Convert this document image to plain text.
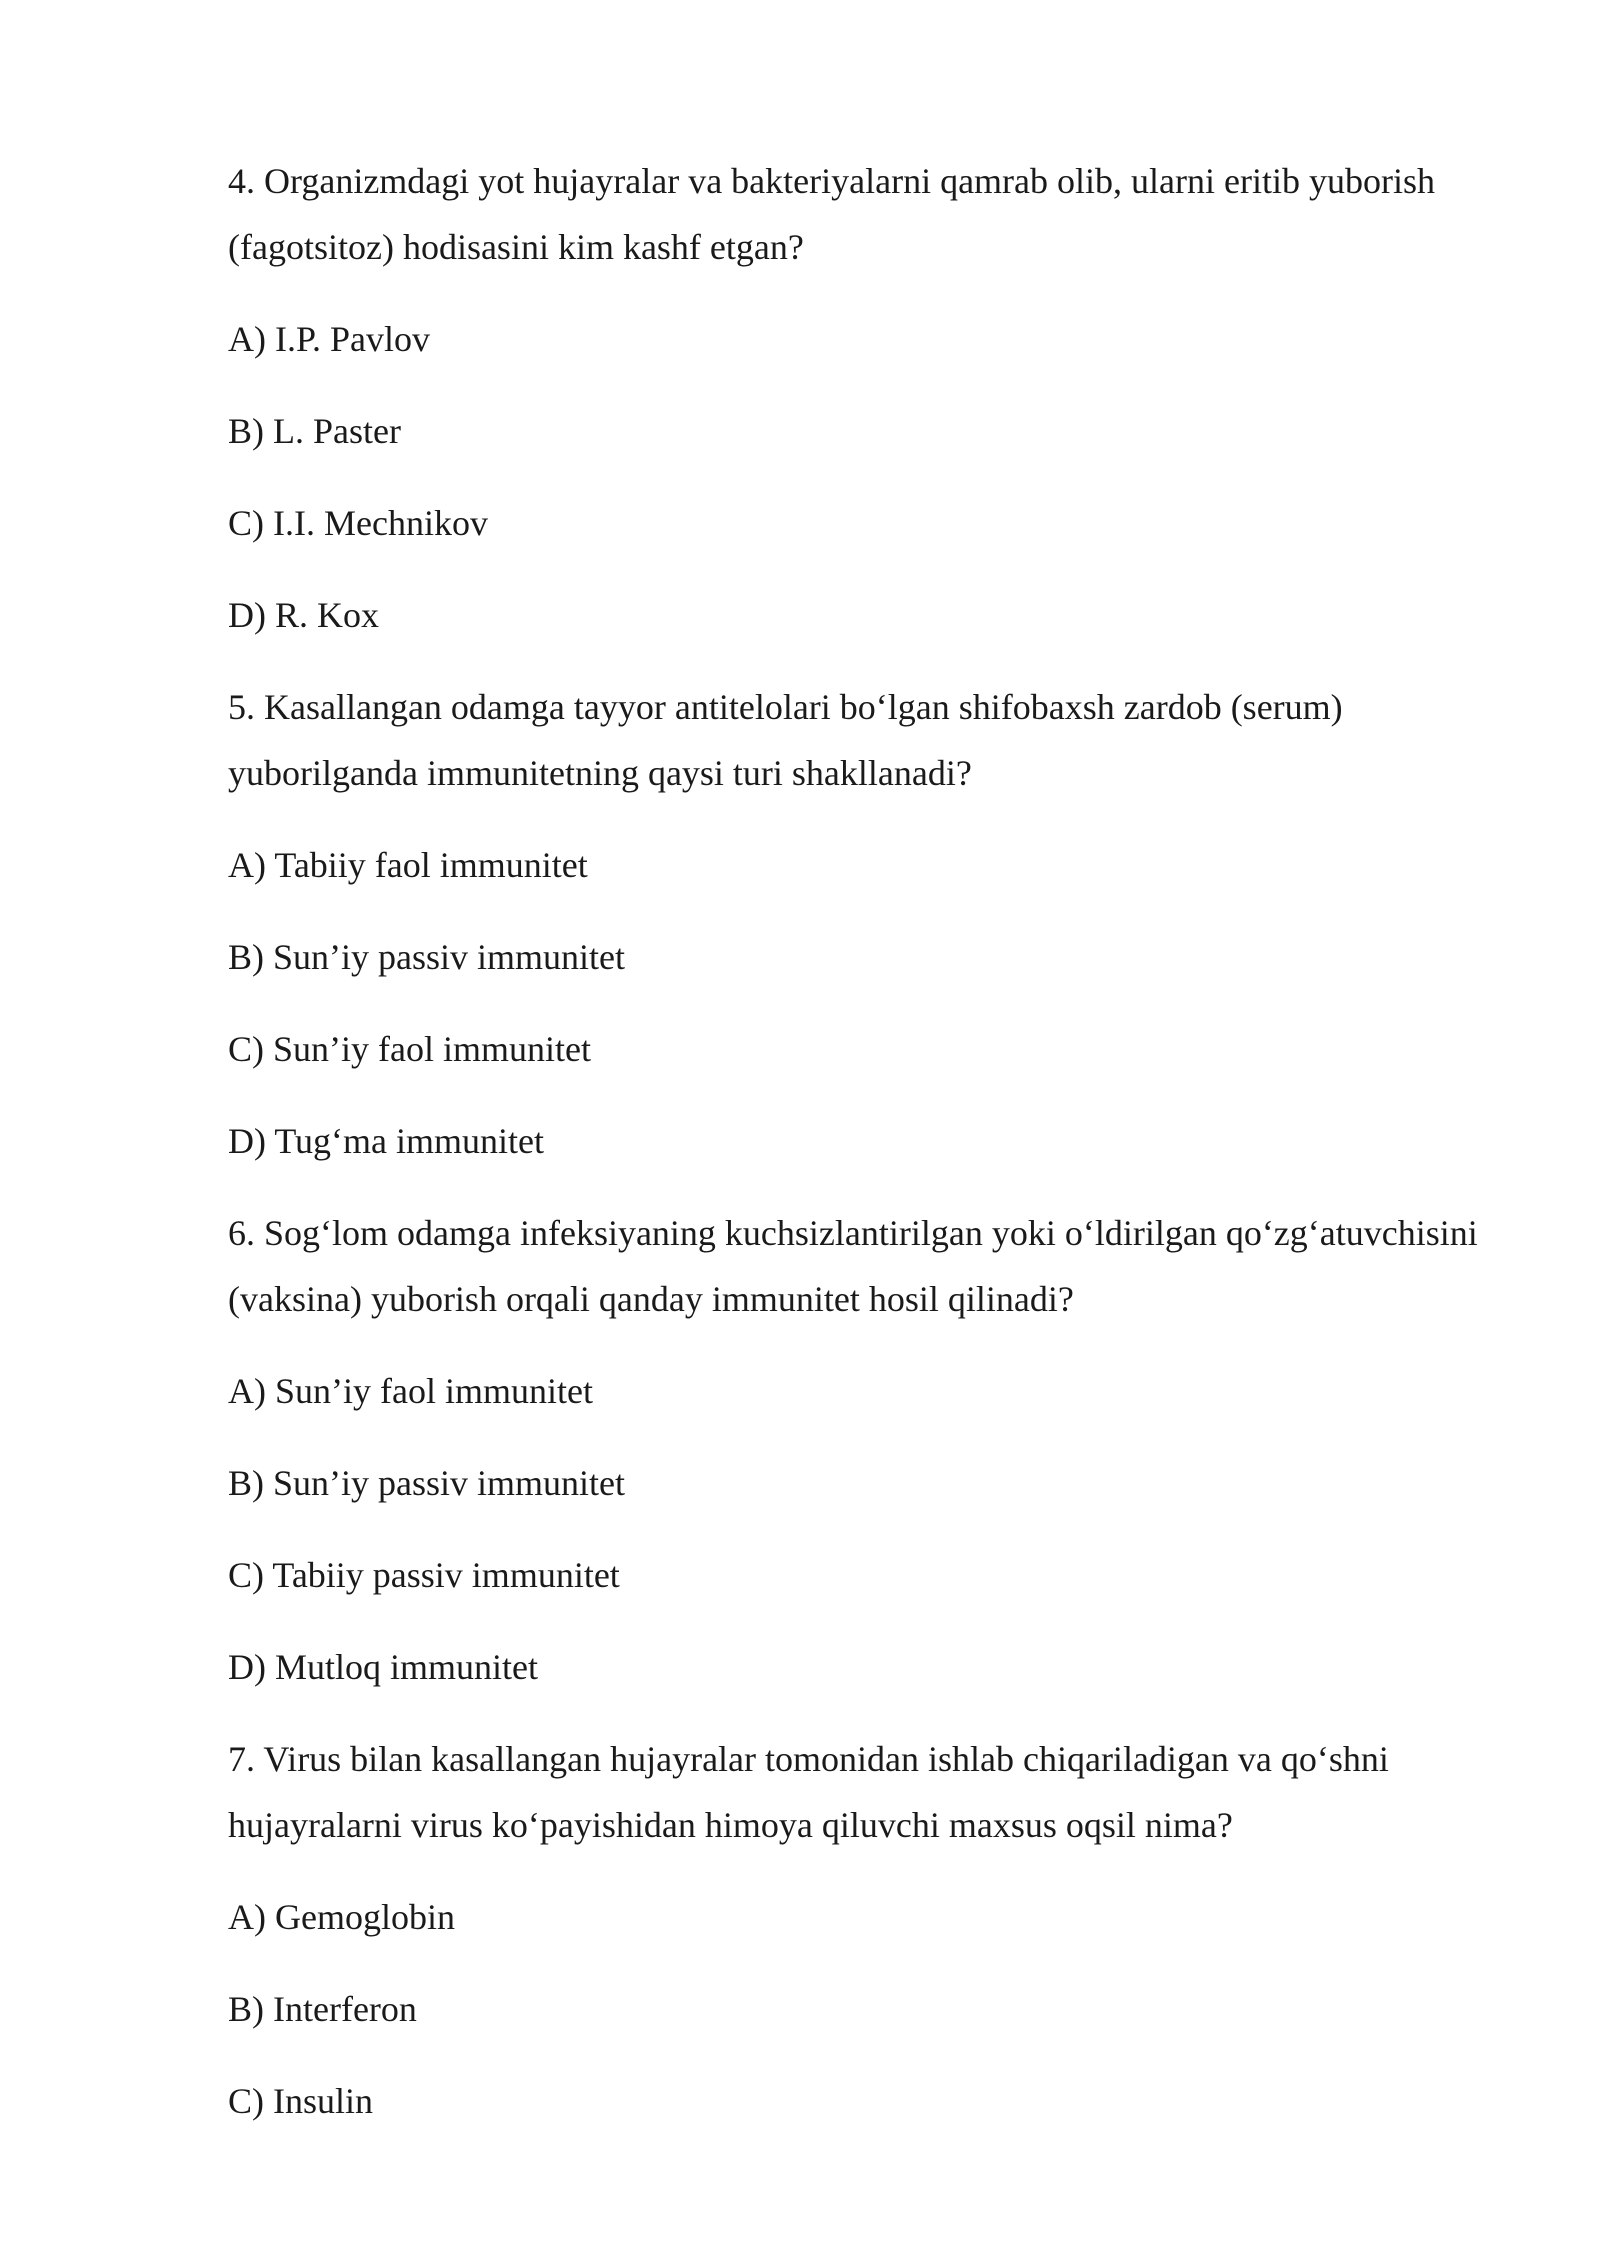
4. Organizmdagi yot hujayralar va bakteriyalarni qamrab olib, ularni eritib yuborish (fagotsitoz) hodisasini kim kashf etgan?

A) I.P. Pavlov

B) L. Paster

C) I.I. Mechnikov

D) R. Kox

5. Kasallangan odamga tayyor antitelolari bo‘lgan shifobaxsh zardob (serum) yuborilganda immunitetning qaysi turi shakllanadi?

A) Tabiiy faol immunitet

B) Sun’iy passiv immunitet

C) Sun’iy faol immunitet

D) Tug‘ma immunitet

6. Sog‘lom odamga infeksiyaning kuchsizlantirilgan yoki o‘ldirilgan qo‘zg‘atuvchisini (vaksina) yuborish orqali qanday immunitet hosil qilinadi?

A) Sun’iy faol immunitet

B) Sun’iy passiv immunitet

C) Tabiiy passiv immunitet

D) Mutloq immunitet

7. Virus bilan kasallangan hujayralar tomonidan ishlab chiqariladigan va qo‘shni hujayralarni virus ko‘payishidan himoya qiluvchi maxsus oqsil nima?

A) Gemoglobin

B) Interferon

C) Insulin
